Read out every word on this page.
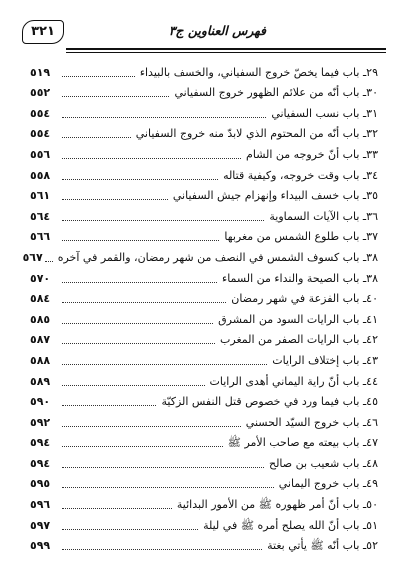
٣٢١	فهرس العناوين ج٣
٢٩ـ باب فيما يخصّ خروج السفياني، والخسف بالبيداء
٥١٩
٣٠ـ باب أنّه من علائم الظهور خروج السفياني
٥٥٢
٣١ـ باب نسب السفياني
٥٥٤
٣٢ـ باب أنّه من المحتوم الذي لابدّ منه خروج السفياني
٥٥٤
٣٣ـ باب أنّ خروجه من الشام
٥٥٦
٣٤ـ باب وقت خروجه، وكيفية قتاله
٥٥٨
٣٥ـ باب خسف البيداء وإنهزام جيش السفياني
٥٦١
٣٦ـ باب الآيات السماوية
٥٦٤
٣٧ـ باب طلوع الشمس من مغربها
٥٦٦
٣٨ـ باب كسوف الشمس في النصف من شهر رمضان، والقمر في آخره
٥٦٧
٣٨ـ باب الصيحة والنداء من السماء
٥٧٠
٤٠ـ باب الفزعة في شهر رمضان
٥٨٤
٤١ـ باب الرايات السود من المشرق
٥٨٥
٤٢ـ باب الرايات الصفر من المغرب
٥٨٧
٤٣ـ باب إختلاف الرايات
٥٨٨
٤٤ـ باب أنّ راية اليماني أهدى الرايات
٥٨٩
٤٥ـ باب فيما ورد في خصوص قتل النفس الزكيّة
٥٩٠
٤٦ـ باب خروج السيّد الحسني
٥٩٢
٤٧ـ باب بيعته مع صاحب الأمر ﷺ
٥٩٤
٤٨ـ باب شعيب بن صالح
٥٩٤
٤٩ـ باب خروج اليماني
٥٩٥
٥٠ـ باب أنّ أمر ظهوره ﷺ من الأمور البدائية
٥٩٦
٥١ـ باب أنّ الله يصلح أمره ﷺ في ليلة
٥٩٧
٥٢ـ باب أنّه ﷺ يأتي بغتة
٥٩٩
